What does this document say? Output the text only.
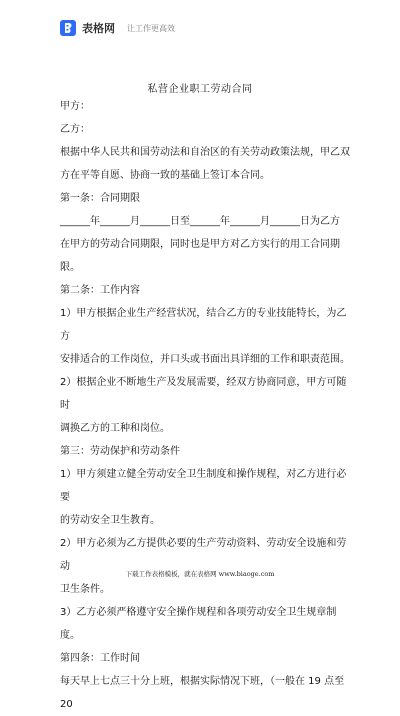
表格网 让工作更高效
私营企业职工劳动合同

甲方：

乙方：

根据中华人民共和国劳动法和自治区的有关劳动政策法规，甲乙双

方在平等自愿、协商一致的基础上签订本合同。

第一条：合同期限

______年______月______日至______年______月______日为乙方

在甲方的劳动合同期限，同时也是甲方对乙方实行的用工合同期

限。

第二条：工作内容

1）甲方根据企业生产经营状况，结合乙方的专业技能特长，为乙方

安排适合的工作岗位，并口头或书面出具详细的工作和职责范围。

2）根据企业不断地生产及发展需要，经双方协商同意，甲方可随时

调换乙方的工种和岗位。

第三：劳动保护和劳动条件

1）甲方须建立健全劳动安全卫生制度和操作规程，对乙方进行必要

的劳动安全卫生教育。

2）甲方必须为乙方提供必要的生产劳动资料、劳动安全设施和劳动

卫生条件。

3）乙方必须严格遵守安全操作规程和各项劳动安全卫生规章制度。

第四条：工作时间

每天早上七点三十分上班，根据实际情况下班，（一般在 19 点至 20

下载工作表格模板，就在表格网 www.biaoge.com
